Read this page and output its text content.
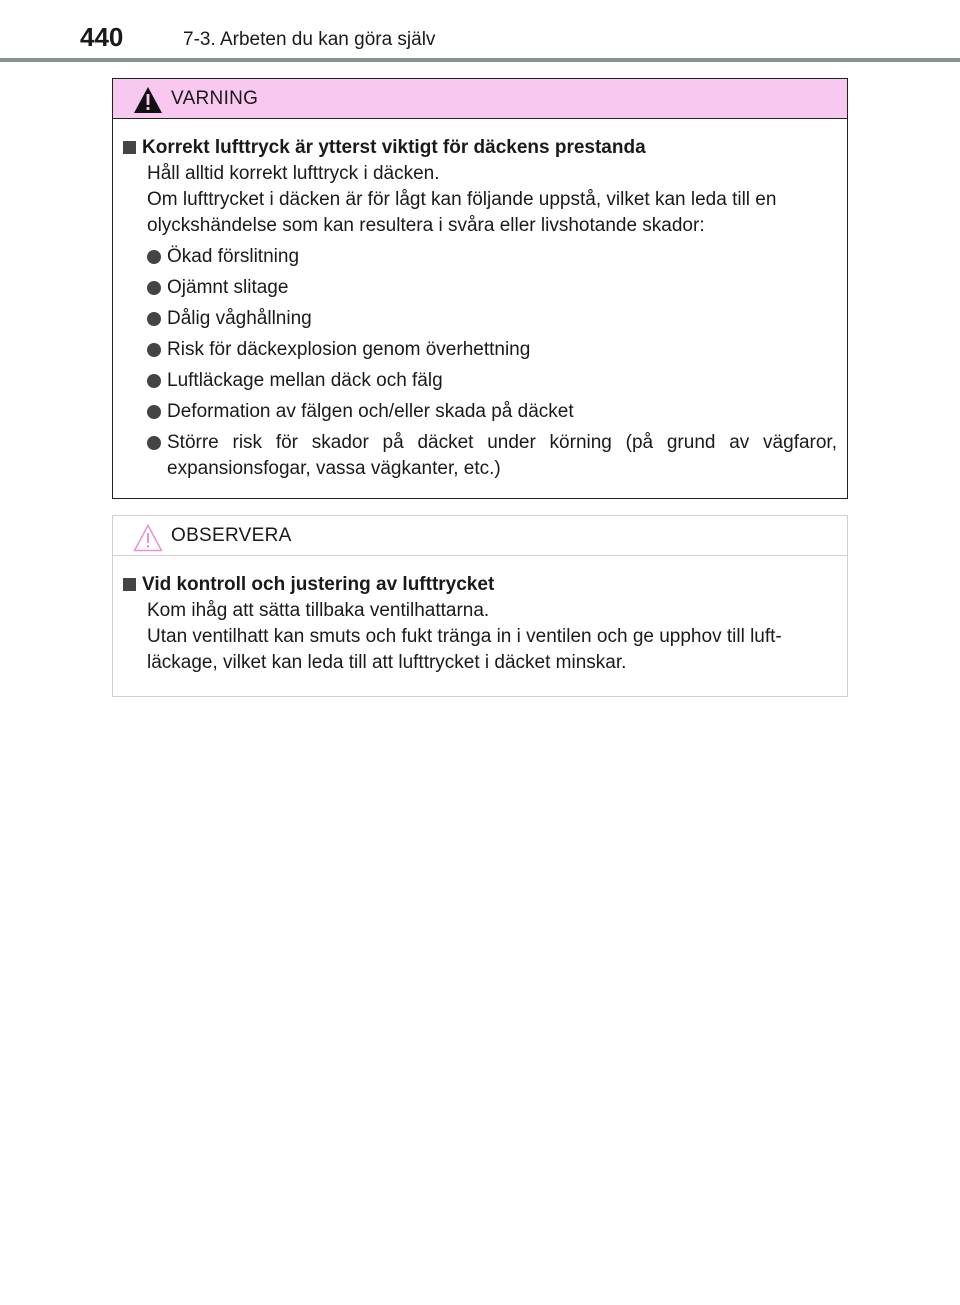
440	7-3. Arbeten du kan göra själv
VARNING
Korrekt lufttryck är ytterst viktigt för däckens prestanda
Håll alltid korrekt lufttryck i däcken.
Om lufttrycket i däcken är för lågt kan följande uppstå, vilket kan leda till en olyckshändelse som kan resultera i svåra eller livshotande skador:
Ökad förslitning
Ojämnt slitage
Dålig våghållning
Risk för däckexplosion genom överhettning
Luftläckage mellan däck och fälg
Deformation av fälgen och/eller skada på däcket
Större risk för skador på däcket under körning (på grund av vägfaror, expansionsfogar, vassa vägkanter, etc.)
OBSERVERA
Vid kontroll och justering av lufttrycket
Kom ihåg att sätta tillbaka ventilhattarna.
Utan ventilhatt kan smuts och fukt tränga in i ventilen och ge upphov till luft-läckage, vilket kan leda till att lufttrycket i däcket minskar.
